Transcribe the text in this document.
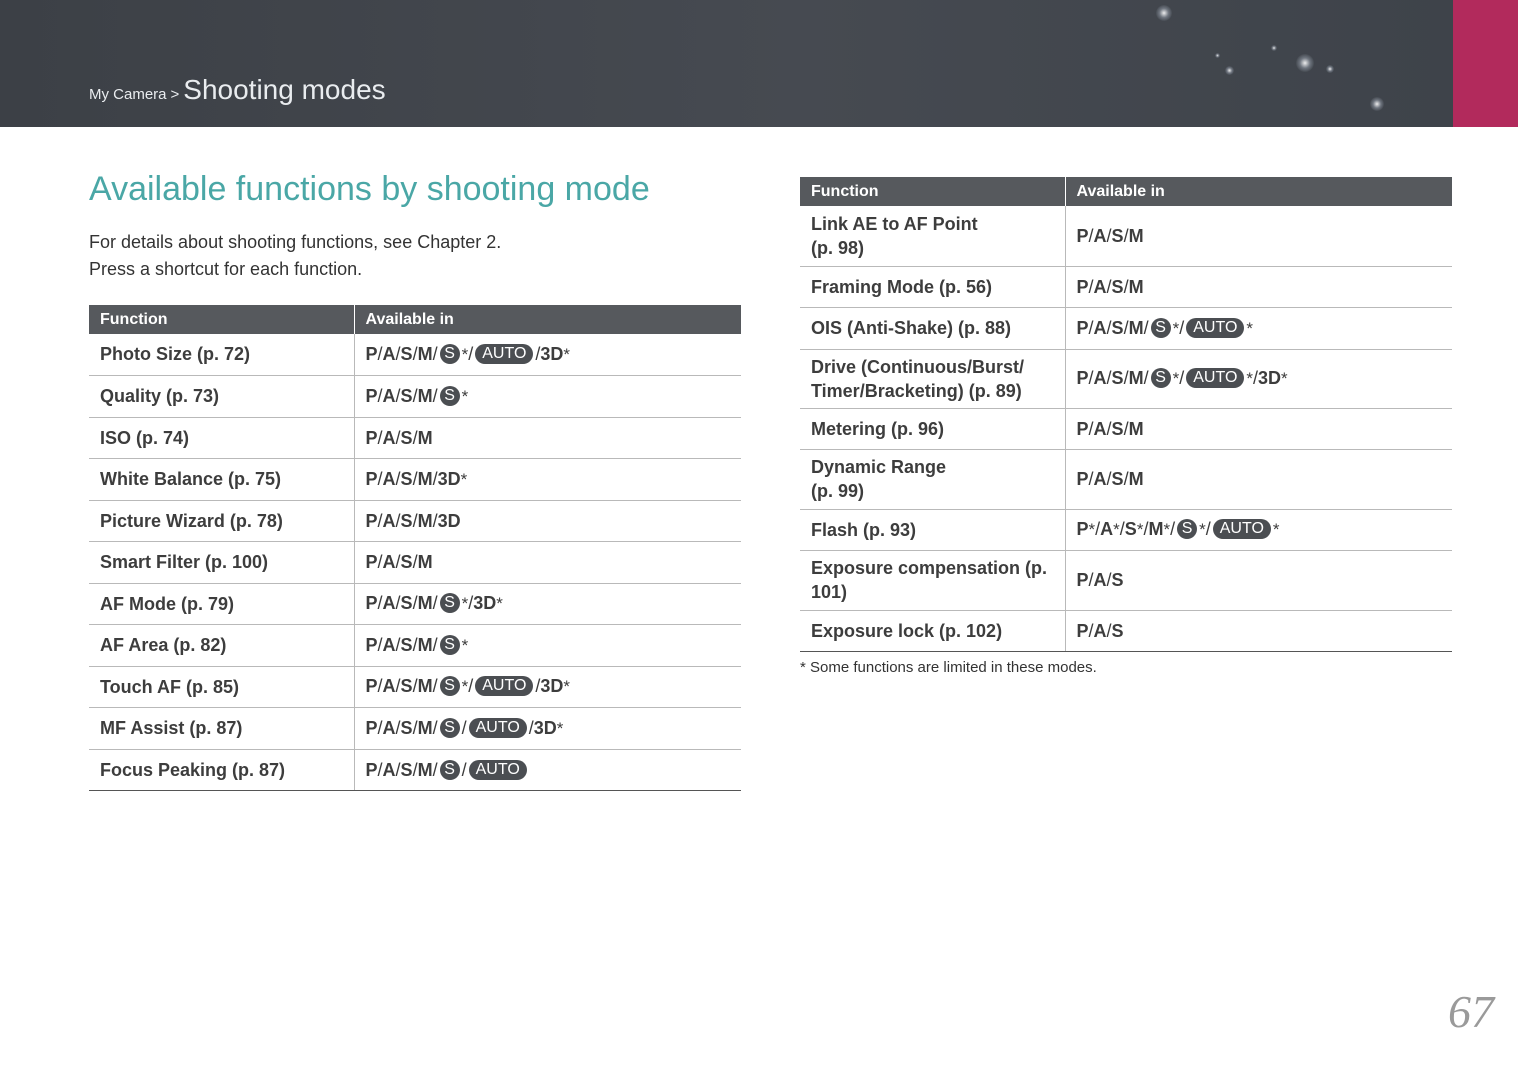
My Camera > Shooting modes
Available functions by shooting mode
For details about shooting functions, see Chapter 2.
Press a shortcut for each function.
Function	Available in
Photo Size (p. 72)	P/A/S/M/ S */ AUTO /3D*
Quality (p. 73)	P/A/S/M/ S *
ISO (p. 74)	P/A/S/M
White Balance (p. 75)	P/A/S/M/3D*
Picture Wizard (p. 78)	P/A/S/M/3D
Smart Filter (p. 100)	P/A/S/M
AF Mode (p. 79)	P/A/S/M/ S */3D*
AF Area (p. 82)	P/A/S/M/ S *
Touch AF (p. 85)	P/A/S/M/ S */ AUTO /3D*
MF Assist (p. 87)	P/A/S/M/ S / AUTO /3D*
Focus Peaking (p. 87)	P/A/S/M/ S / AUTO
Function	Available in
Link AE to AF Point
(p. 98)	P/A/S/M
Framing Mode (p. 56)	P/A/S/M
OIS (Anti-Shake) (p. 88)	P/A/S/M/ S */ AUTO *
Drive (Continuous/Burst/
Timer/Bracketing) (p. 89)	P/A/S/M/ S */ AUTO */3D*
Metering (p. 96)	P/A/S/M
Dynamic Range
(p. 99)	P/A/S/M
Flash (p. 93)	P*/A*/S*/M*/ S */ AUTO *
Exposure compensation (p.
101)	P/A/S
Exposure lock (p. 102)	P/A/S
* Some functions are limited in these modes.
67
